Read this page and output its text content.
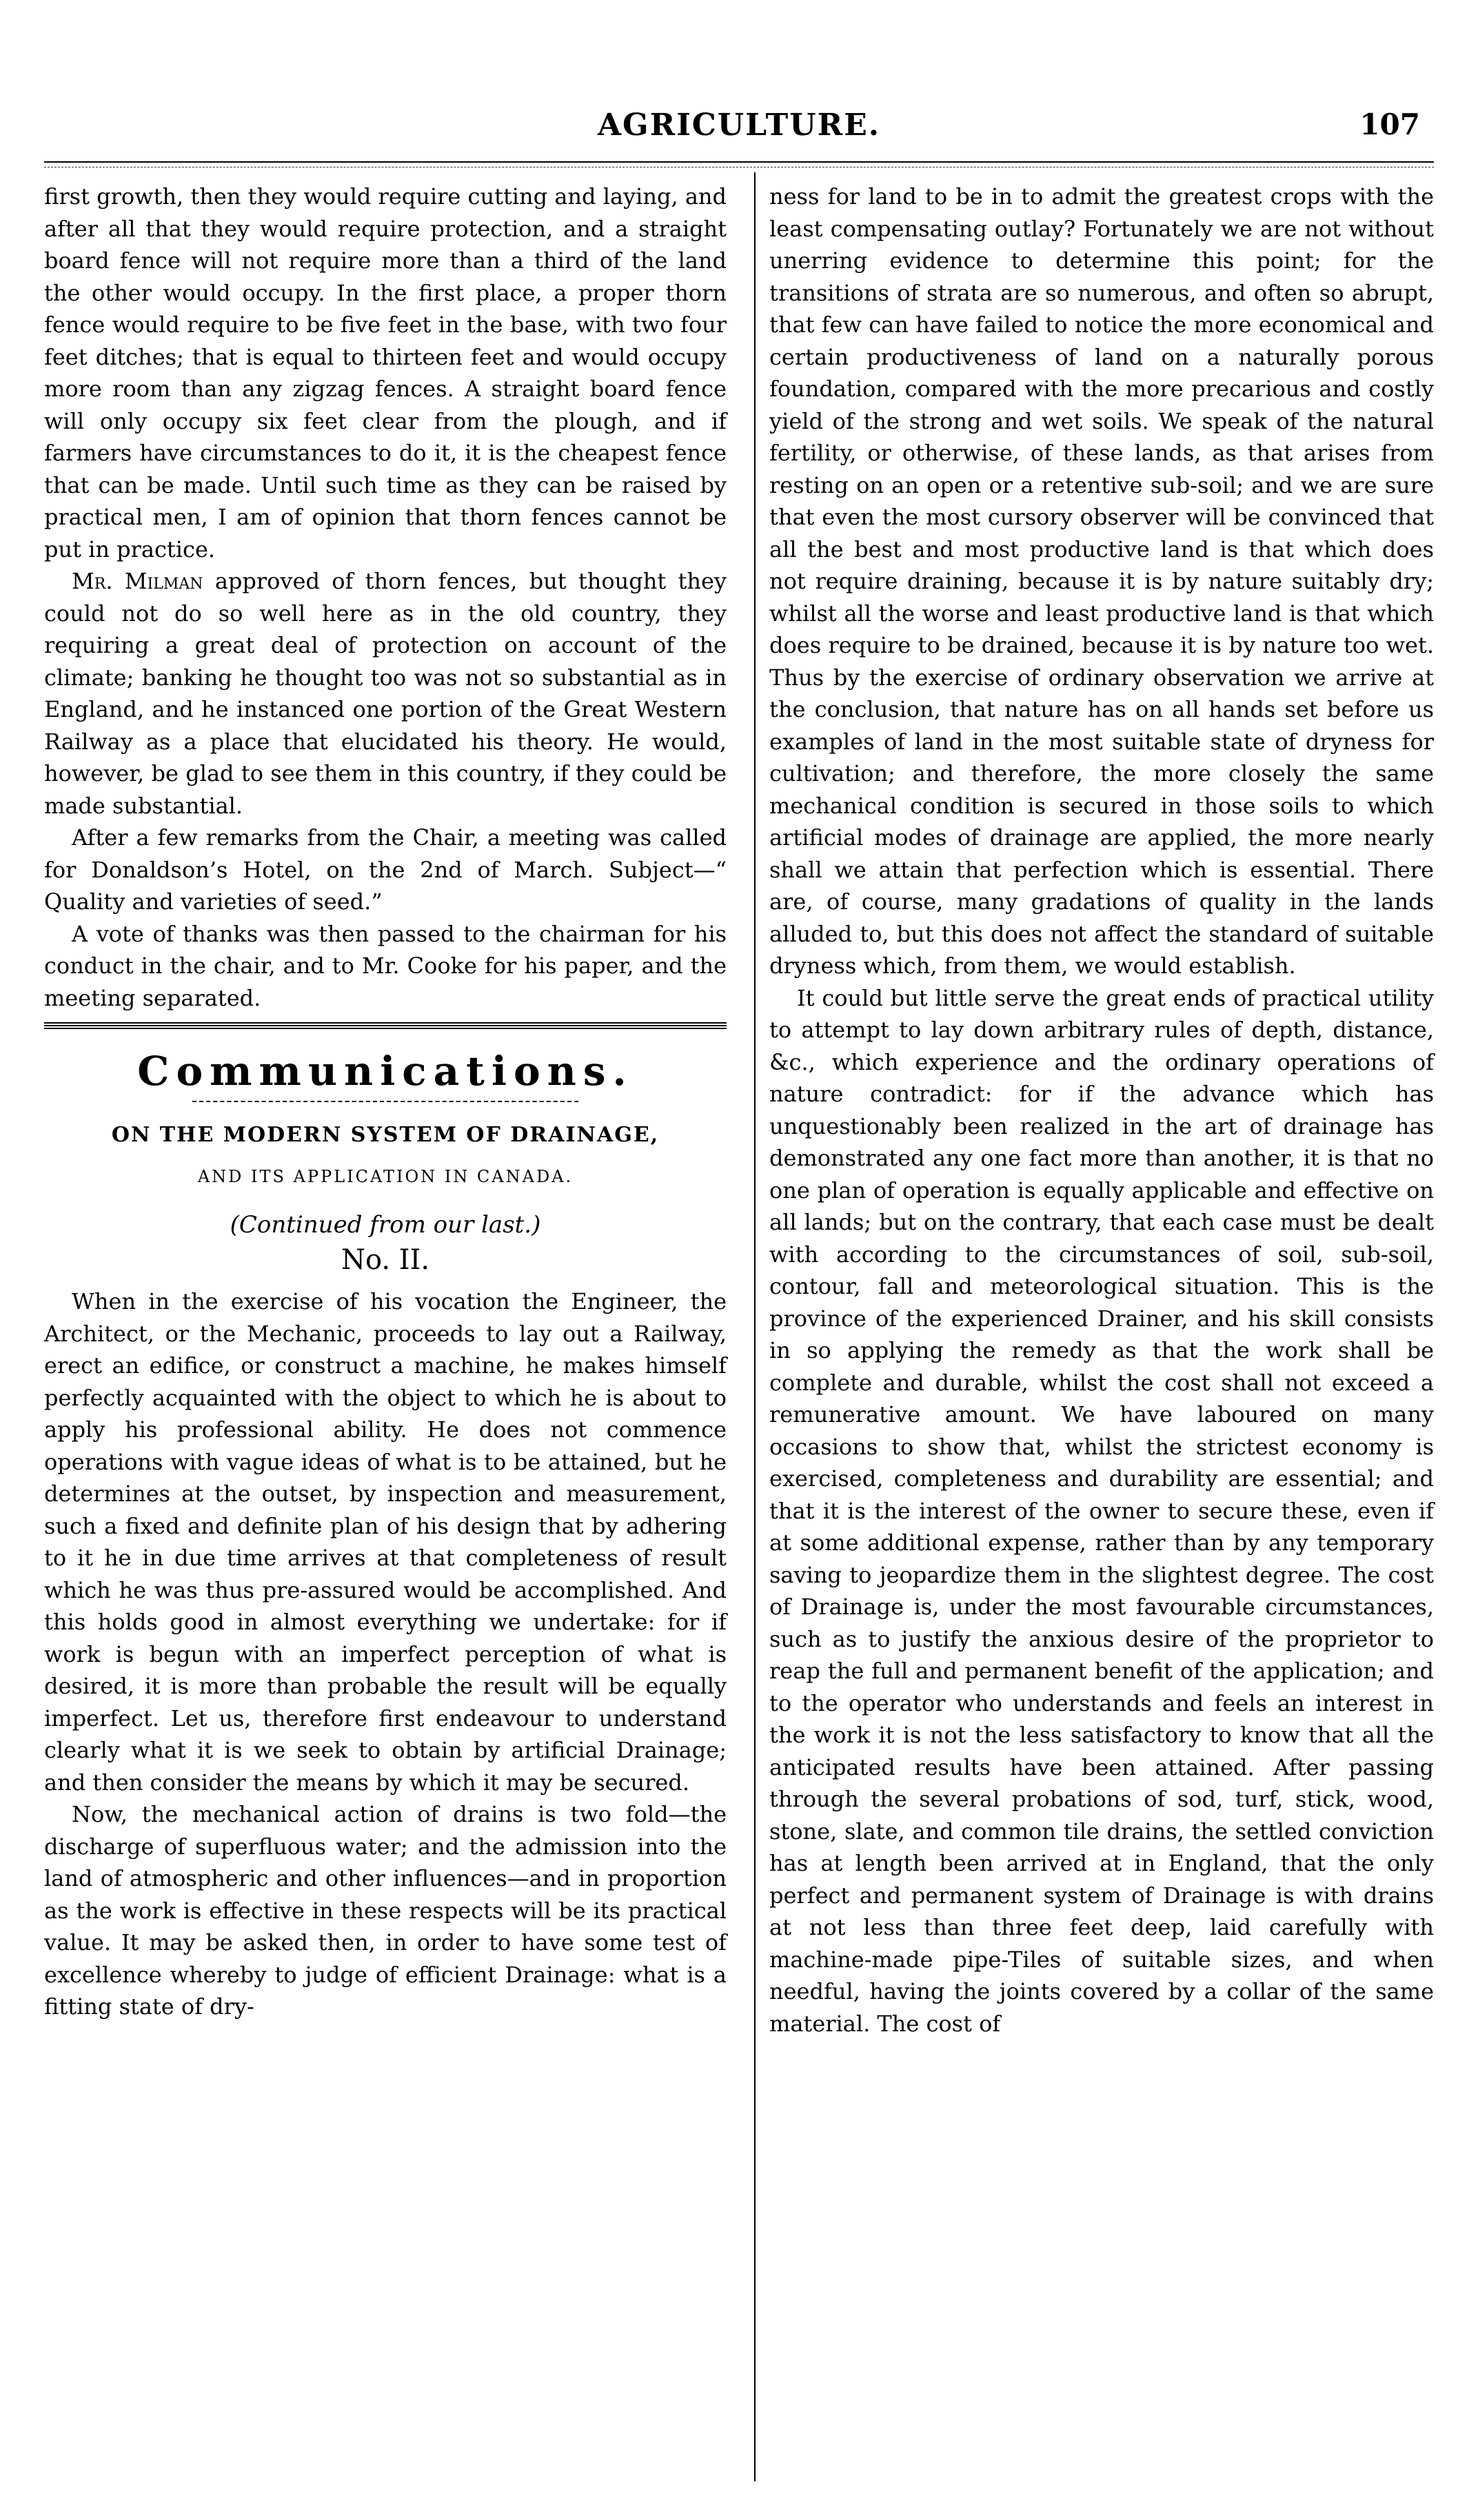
AGRICULTURE.	107

first growth, then they would require cutting and laying, and after all that they would require protection, and a straight board fence will not require more than a third of the land the other would occupy. In the first place, a proper thorn fence would require to be five feet in the base, with two four feet ditches; that is equal to thirteen feet and would occupy more room than any zigzag fences. A straight board fence will only occupy six feet clear from the plough, and if farmers have circumstances to do it, it is the cheapest fence that can be made. Until such time as they can be raised by practical men, I am of opinion that thorn fences cannot be put in practice.

Mr. Milman approved of thorn fences, but thought they could not do so well here as in the old country, they requiring a great deal of protection on account of the climate; banking he thought too was not so substantial as in England, and he instanced one portion of the Great Western Railway as a place that elucidated his theory. He would, however, be glad to see them in this country, if they could be made substantial.

After a few remarks from the Chair, a meeting was called for Donaldson’s Hotel, on the 2nd of March. Subject—“ Quality and varieties of seed.”

A vote of thanks was then passed to the chairman for his conduct in the chair, and to Mr. Cooke for his paper, and the meeting separated.

Communications.
ON THE MODERN SYSTEM OF DRAINAGE,
AND ITS APPLICATION IN CANADA.
(Continued from our last.)
No. II.

When in the exercise of his vocation the Engineer, the Architect, or the Mechanic, proceeds to lay out a Railway, erect an edifice, or construct a machine, he makes himself perfectly acquainted with the object to which he is about to apply his professional ability. He does not commence operations with vague ideas of what is to be attained, but he determines at the outset, by inspection and measurement, such a fixed and definite plan of his design that by adhering to it he in due time arrives at that completeness of result which he was thus pre-assured would be accomplished. And this holds good in almost everything we undertake: for if work is begun with an imperfect perception of what is desired, it is more than probable the result will be equally imperfect. Let us, therefore first endeavour to understand clearly what it is we seek to obtain by artificial Drainage; and then consider the means by which it may be secured.

Now, the mechanical action of drains is two fold—the discharge of superfluous water; and the admission into the land of atmospheric and other influences—and in proportion as the work is effective in these respects will be its practical value. It may be asked then, in order to have some test of excellence whereby to judge of efficient Drainage: what is a fitting state of dry-

ness for land to be in to admit the greatest crops with the least compensating outlay? Fortunately we are not without unerring evidence to determine this point; for the transitions of strata are so numerous, and often so abrupt, that few can have failed to notice the more economical and certain productiveness of land on a naturally porous foundation, compared with the more precarious and costly yield of the strong and wet soils. We speak of the natural fertility, or otherwise, of these lands, as that arises from resting on an open or a retentive sub-soil; and we are sure that even the most cursory observer will be convinced that all the best and most productive land is that which does not require draining, because it is by nature suitably dry; whilst all the worse and least productive land is that which does require to be drained, because it is by nature too wet. Thus by the exercise of ordinary observation we arrive at the conclusion, that nature has on all hands set before us examples of land in the most suitable state of dryness for cultivation; and therefore, the more closely the same mechanical condition is secured in those soils to which artificial modes of drainage are applied, the more nearly shall we attain that perfection which is essential. There are, of course, many gradations of quality in the lands alluded to, but this does not affect the standard of suitable dryness which, from them, we would establish.

It could but little serve the great ends of practical utility to attempt to lay down arbitrary rules of depth, distance, &c., which experience and the ordinary operations of nature contradict: for if the advance which has unquestionably been realized in the art of drainage has demonstrated any one fact more than another, it is that no one plan of operation is equally applicable and effective on all lands; but on the contrary, that each case must be dealt with according to the circumstances of soil, sub-soil, contour, fall and meteorological situation. This is the province of the experienced Drainer, and his skill consists in so applying the remedy as that the work shall be complete and durable, whilst the cost shall not exceed a remunerative amount. We have laboured on many occasions to show that, whilst the strictest economy is exercised, completeness and durability are essential; and that it is the interest of the owner to secure these, even if at some additional expense, rather than by any temporary saving to jeopardize them in the slightest degree. The cost of Drainage is, under the most favourable circumstances, such as to justify the anxious desire of the proprietor to reap the full and permanent benefit of the application; and to the operator who understands and feels an interest in the work it is not the less satisfactory to know that all the anticipated results have been attained. After passing through the several probations of sod, turf, stick, wood, stone, slate, and common tile drains, the settled conviction has at length been arrived at in England, that the only perfect and permanent system of Drainage is with drains at not less than three feet deep, laid carefully with machine-made pipe-Tiles of suitable sizes, and when needful, having the joints covered by a collar of the same material. The cost of
